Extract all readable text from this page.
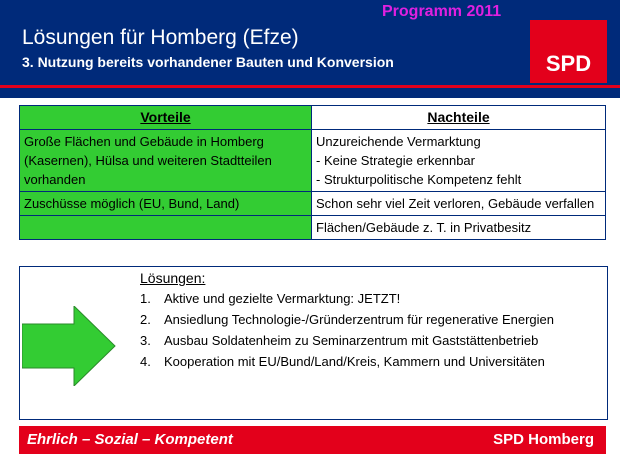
Programm 2011
Lösungen für Homberg (Efze)
3. Nutzung bereits vorhandener Bauten und Konversion	SPD
Vorteile	Nachteile
Große Flächen und Gebäude in Homberg (Kasernen), Hülsa und weiteren Stadtteilen vorhanden	Unzureichende Vermarktung
- Keine Strategie erkennbar
- Strukturpolitische Kompetenz fehlt

Zuschüsse möglich (EU, Bund, Land)	Schon sehr viel Zeit verloren, Gebäude verfallen

	Flächen/Gebäude z. T. in Privatbesitz
Lösungen:
1.	Aktive und gezielte Vermarktung: JETZT!
2.	Ansiedlung Technologie-/Gründerzentrum für regenerative Energien
3.	Ausbau Soldatenheim zu Seminarzentrum mit Gaststättenbetrieb
4.	Kooperation mit EU/Bund/Land/Kreis, Kammern und Universitäten
Ehrlich – Sozial – Kompetent	SPD Homberg
